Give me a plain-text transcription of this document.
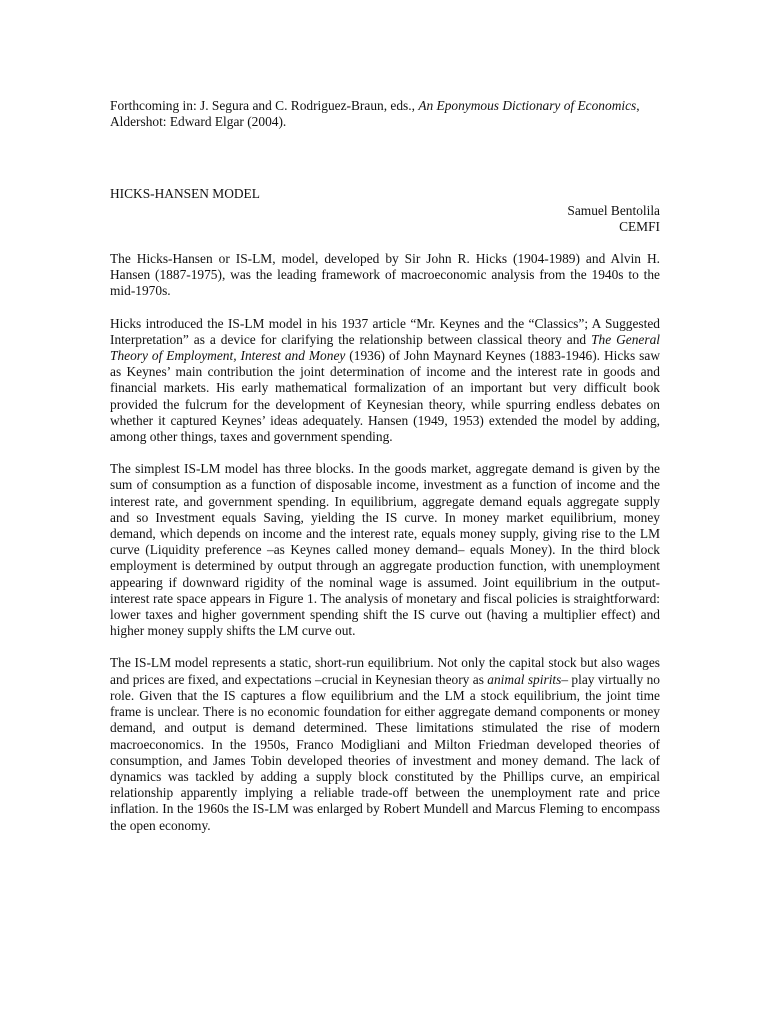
Forthcoming in: J. Segura and C. Rodriguez-Braun, eds., An Eponymous Dictionary of Economics, Aldershot: Edward Elgar (2004).
HICKS-HANSEN MODEL
Samuel Bentolila
CEMFI
The Hicks-Hansen or IS-LM, model, developed by Sir John R. Hicks (1904-1989) and Alvin H. Hansen (1887-1975), was the leading framework of macroeconomic analysis from the 1940s to the mid-1970s.
Hicks introduced the IS-LM model in his 1937 article “Mr. Keynes and the “Classics”; A Suggested Interpretation” as a device for clarifying the relationship between classical theory and The General Theory of Employment, Interest and Money (1936) of John Maynard Keynes (1883-1946). Hicks saw as Keynes’ main contribution the joint determination of income and the interest rate in goods and financial markets. His early mathematical formalization of an important but very difficult book provided the fulcrum for the development of Keynesian theory, while spurring endless debates on whether it captured Keynes’ ideas adequately. Hansen (1949, 1953) extended the model by adding, among other things, taxes and government spending.
The simplest IS-LM model has three blocks. In the goods market, aggregate demand is given by the sum of consumption as a function of disposable income, investment as a function of income and the interest rate, and government spending. In equilibrium, aggregate demand equals aggregate supply and so Investment equals Saving, yielding the IS curve. In money market equilibrium, money demand, which depends on income and the interest rate, equals money supply, giving rise to the LM curve (Liquidity preference –as Keynes called money demand– equals Money). In the third block employment is determined by output through an aggregate production function, with unemployment appearing if downward rigidity of the nominal wage is assumed. Joint equilibrium in the output-interest rate space appears in Figure 1. The analysis of monetary and fiscal policies is straightforward: lower taxes and higher government spending shift the IS curve out (having a multiplier effect) and higher money supply shifts the LM curve out.
The IS-LM model represents a static, short-run equilibrium. Not only the capital stock but also wages and prices are fixed, and expectations –crucial in Keynesian theory as animal spirits– play virtually no role. Given that the IS captures a flow equilibrium and the LM a stock equilibrium, the joint time frame is unclear. There is no economic foundation for either aggregate demand components or money demand, and output is demand determined. These limitations stimulated the rise of modern macroeconomics. In the 1950s, Franco Modigliani and Milton Friedman developed theories of consumption, and James Tobin developed theories of investment and money demand. The lack of dynamics was tackled by adding a supply block constituted by the Phillips curve, an empirical relationship apparently implying a reliable trade-off between the unemployment rate and price inflation. In the 1960s the IS-LM was enlarged by Robert Mundell and Marcus Fleming to encompass the open economy.
